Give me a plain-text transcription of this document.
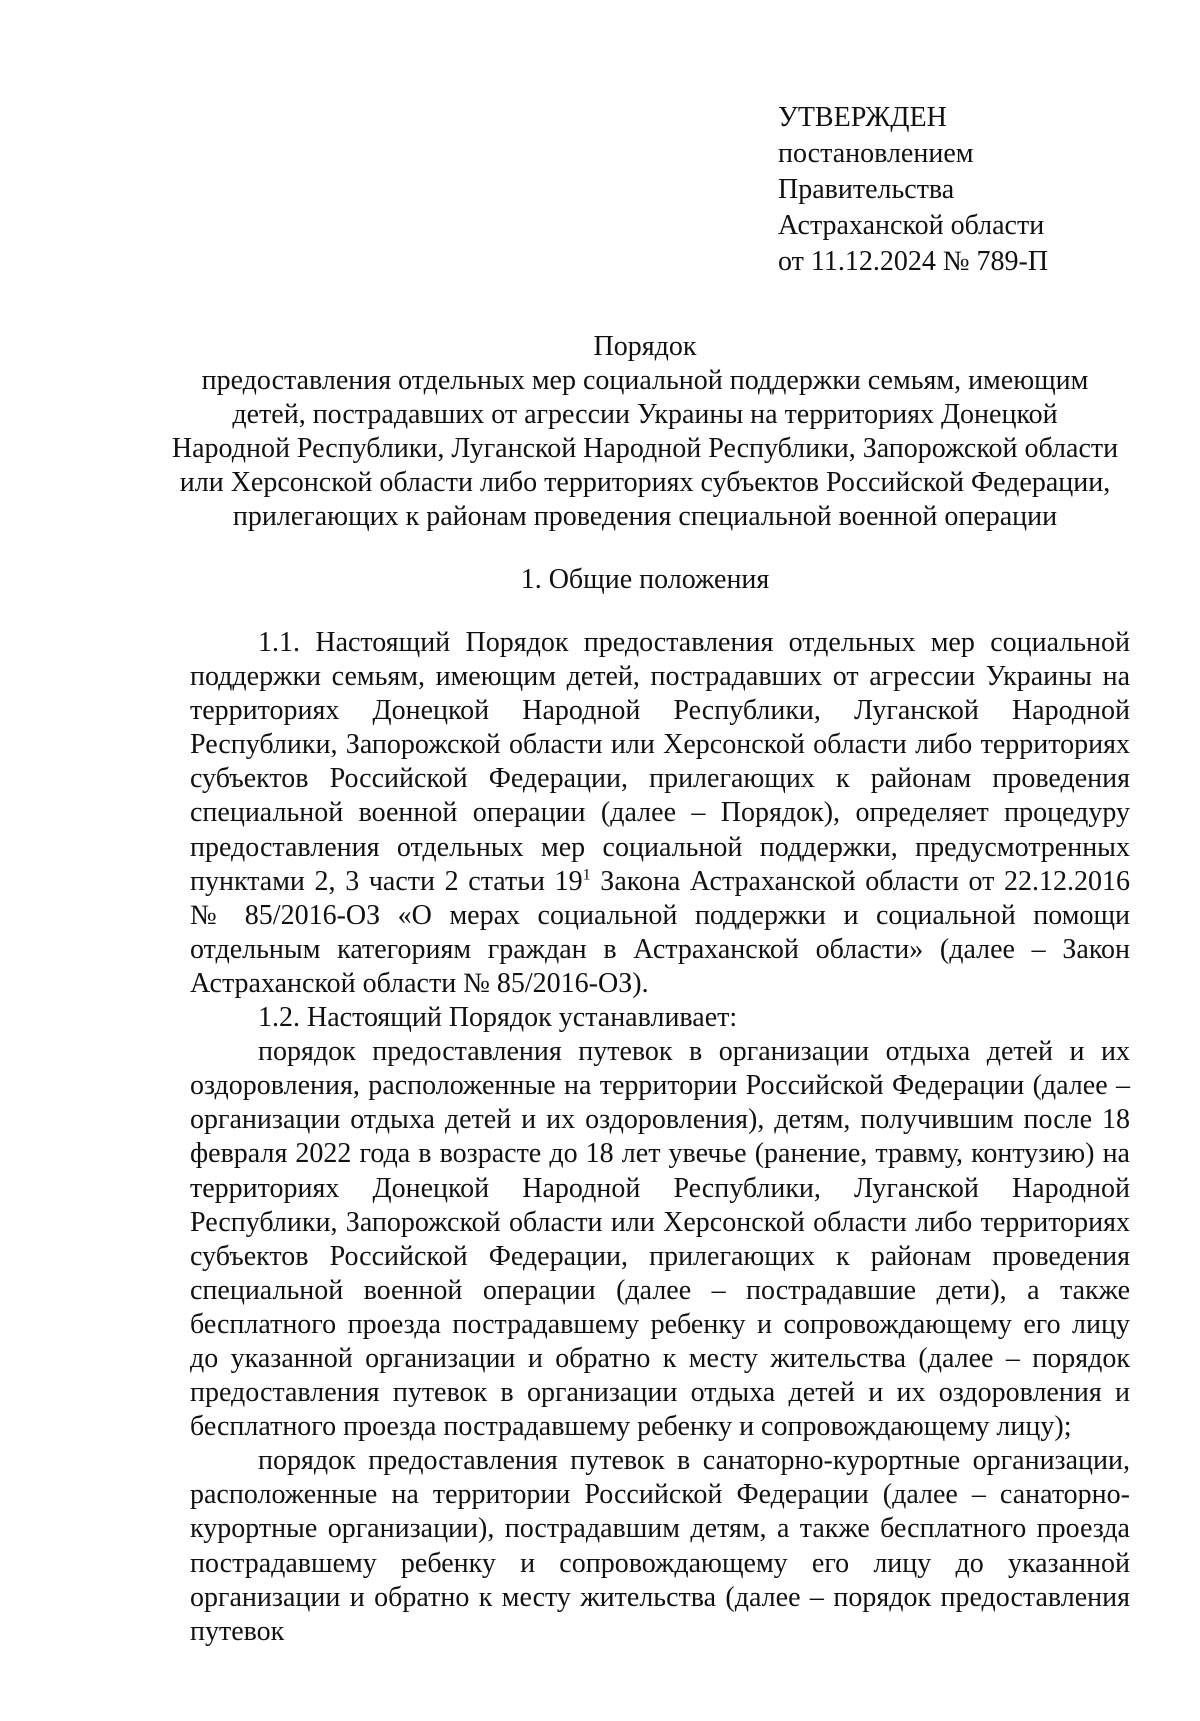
УТВЕРЖДЕН
постановлением
Правительства
Астраханской области
от 11.12.2024 № 789-П
Порядок
предоставления отдельных мер социальной поддержки семьям, имеющим детей, пострадавших от агрессии Украины на территориях Донецкой Народной Республики, Луганской Народной Республики, Запорожской области или Херсонской области либо территориях субъектов Российской Федерации, прилегающих к районам проведения специальной военной операции
1. Общие положения

1.1. Настоящий Порядок предоставления отдельных мер социальной поддержки семьям, имеющим детей, пострадавших от агрессии Украины на территориях Донецкой Народной Республики, Луганской Народной Республики, Запорожской области или Херсонской области либо территориях субъектов Российской Федерации, прилегающих к районам проведения специальной военной операции (далее – Порядок), определяет процедуру предоставления отдельных мер социальной поддержки, предусмотренных пунктами 2, 3 части 2 статьи $19^1$ Закона Астраханской области от 22.12.2016 № 85/2016-ОЗ «О мерах социальной поддержки и социальной помощи отдельным категориям граждан в Астраханской области» (далее – Закон Астраханской области № 85/2016-ОЗ).

1.2. Настоящий Порядок устанавливает:

порядок предоставления путевок в организации отдыха детей и их оздоровления, расположенные на территории Российской Федерации (далее – организации отдыха детей и их оздоровления), детям, получившим после 18 февраля 2022 года в возрасте до 18 лет увечье (ранение, травму, контузию) на территориях Донецкой Народной Республики, Луганской Народной Республики, Запорожской области или Херсонской области либо территориях субъектов Российской Федерации, прилегающих к районам проведения специальной военной операции (далее – пострадавшие дети), а также бесплатного проезда пострадавшему ребенку и сопровождающему его лицу до указанной организации и обратно к месту жительства (далее – порядок предоставления путевок в организации отдыха детей и их оздоровления и бесплатного проезда пострадавшему ребенку и сопровождающему лицу);

порядок предоставления путевок в санаторно-курортные организации, расположенные на территории Российской Федерации (далее – санаторно-курортные организации), пострадавшим детям, а также бесплатного проезда пострадавшему ребенку и сопровождающему его лицу до указанной организации и обратно к месту жительства (далее – порядок предоставления путевок
